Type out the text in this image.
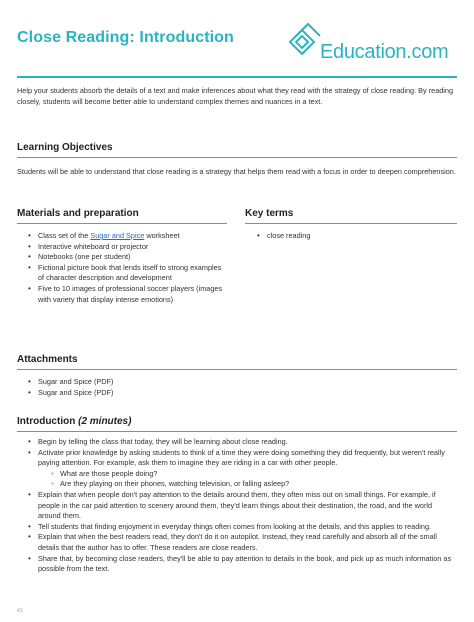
Close Reading: Introduction
Education.com
Help your students absorb the details of a text and make inferences about what they read with the strategy of close reading. By reading closely, students will become better able to understand complex themes and nuances in a text.
Learning Objectives
Students will be able to understand that close reading is a strategy that helps them read with a focus in order to deepen comprehension.
Materials and preparation
• Class set of the Sugar and Spice worksheet
• Interactive whiteboard or projector
• Notebooks (one per student)
• Fictional picture book that lends itself to strong examples of character description and development
• Five to 10 images of professional soccer players (images with variety that display intense emotions)
Key terms
• close reading
Attachments
• Sugar and Spice (PDF)
• Sugar and Spice (PDF)
Introduction (2 minutes)
• Begin by telling the class that today, they will be learning about close reading.
• Activate prior knowledge by asking students to think of a time they were doing something they did frequently, but weren't really paying attention. For example, ask them to imagine they are riding in a car with other people.
◦ What are those people doing?
◦ Are they playing on their phones, watching television, or falling asleep?
• Explain that when people don't pay attention to the details around them, they often miss out on small things. For example, if people in the car paid attention to scenery around them, they'd learn things about their destination, the road, and the world around them.
• Tell students that finding enjoyment in everyday things often comes from looking at the details, and this applies to reading.
• Explain that when the best readers read, they don't do it on autopilot. Instead, they read carefully and absorb all of the small details that the author has to offer. These readers are close readers.
• Share that, by becoming close readers, they'll be able to pay attention to details in the book, and pick up as much information as possible from the text.
#1
